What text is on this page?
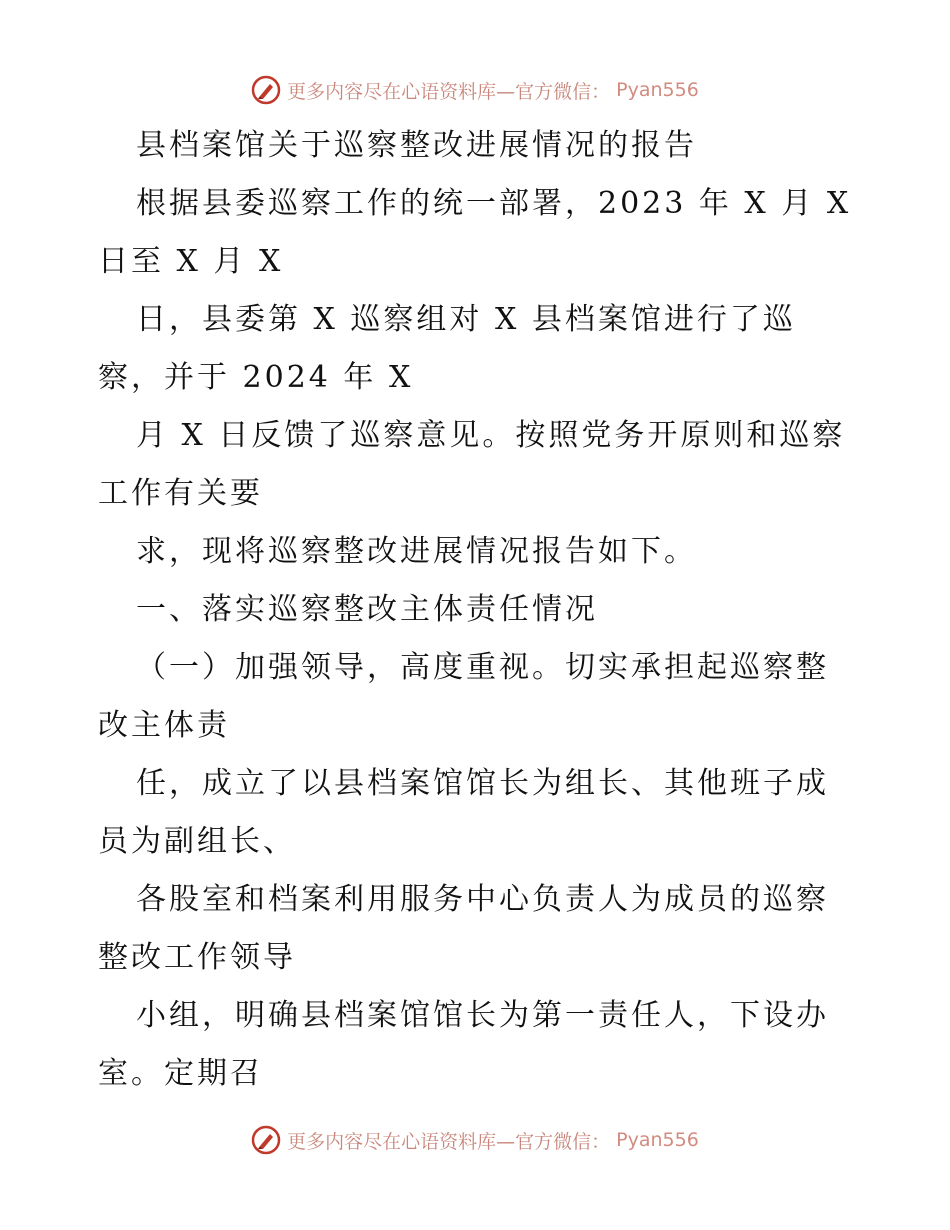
更多内容尽在心语资料库—官方微信： Pyan556
县档案馆关于巡察整改进展情况的报告
根据县委巡察工作的统一部署，2023 年 X 月 X
日至 X 月 X
日，县委第 X 巡察组对 X 县档案馆进行了巡
察，并于 2024 年 X
月 X 日反馈了巡察意见。按照党务开原则和巡察
工作有关要
求，现将巡察整改进展情况报告如下。
一、落实巡察整改主体责任情况
（一）加强领导，高度重视。切实承担起巡察整
改主体责
任，成立了以县档案馆馆长为组长、其他班子成
员为副组长、
各股室和档案利用服务中心负责人为成员的巡察
整改工作领导
小组，明确县档案馆馆长为第一责任人，下设办
室。定期召
更多内容尽在心语资料库—官方微信： Pyan556
